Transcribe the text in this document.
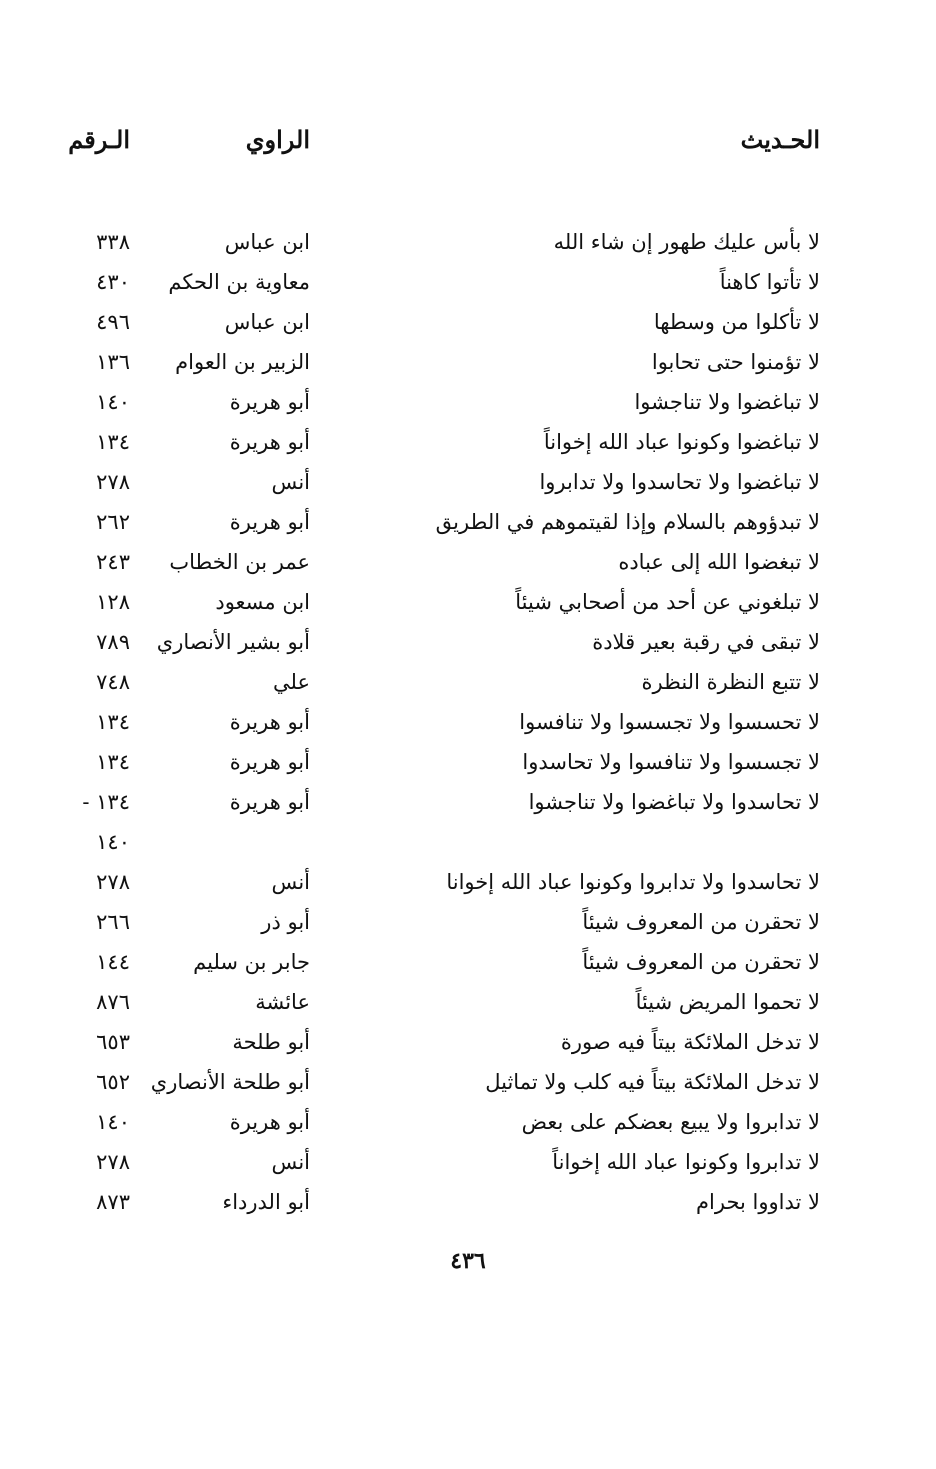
الحـديث
الراوي
الـرقم
لا بأس عليك طهور إن شاء الله
ابن عباس
٣٣٨
لا تأتوا كاهناً
معاوية بن الحكم
٤٣٠
لا تأكلوا من وسطها
ابن عباس
٤٩٦
لا تؤمنوا حتى تحابوا
الزبير بن العوام
١٣٦
لا تباغضوا ولا تناجشوا
أبو هريرة
١٤٠
لا تباغضوا وكونوا عباد الله إخواناً
أبو هريرة
١٣٤
لا تباغضوا ولا تحاسدوا ولا تدابروا
أنس
٢٧٨
لا تبدؤوهم بالسلام وإذا لقيتموهم في الطريق
أبو هريرة
٢٦٢
لا تبغضوا الله إلى عباده
عمر بن الخطاب
٢٤٣
لا تبلغوني عن أحد من أصحابي شيئاً
ابن مسعود
١٢٨
لا تبقى في رقبة بعير قلادة
أبو بشير الأنصاري
٧٨٩
لا تتبع النظرة النظرة
علي
٧٤٨
لا تحسسوا ولا تجسسوا ولا تنافسوا
أبو هريرة
١٣٤
لا تجسسوا ولا تنافسوا ولا تحاسدوا
أبو هريرة
١٣٤
لا تحاسدوا ولا تباغضوا ولا تناجشوا
أبو هريرة
١٣٤ -
١٤٠
لا تحاسدوا ولا تدابروا وكونوا عباد الله إخوانا
أنس
٢٧٨
لا تحقرن من المعروف شيئاً
أبو ذر
٢٦٦
لا تحقرن من المعروف شيئاً
جابر بن سليم
١٤٤
لا تحموا المريض شيئاً
عائشة
٨٧٦
لا تدخل الملائكة بيتاً فيه صورة
أبو طلحة
٦٥٣
لا تدخل الملائكة بيتاً فيه كلب ولا تماثيل
أبو طلحة الأنصاري
٦٥٢
لا تدابروا ولا يبيع بعضكم على بعض
أبو هريرة
١٤٠
لا تدابروا وكونوا عباد الله إخواناً
أنس
٢٧٨
لا تداووا بحرام
أبو الدرداء
٨٧٣
٤٣٦
